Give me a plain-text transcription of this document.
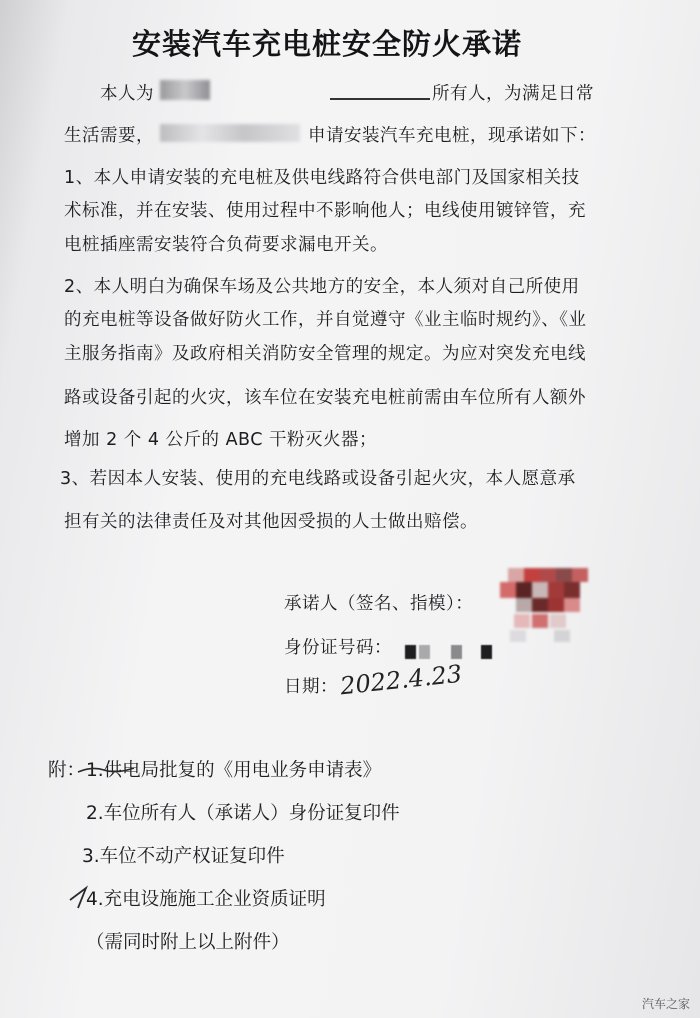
安装汽车充电桩安全防火承诺
本人为	所有人，为满足日常
生活需要，	申请安装汽车充电桩，现承诺如下：
1、本人申请安装的充电桩及供电线路符合供电部门及国家相关技
术标准，并在安装、使用过程中不影响他人；电线使用镀锌管，充
电桩插座需安装符合负荷要求漏电开关。
2、本人明白为确保车场及公共地方的安全，本人须对自己所使用
的充电桩等设备做好防火工作，并自觉遵守《业主临时规约》、《业
主服务指南》及政府相关消防安全管理的规定。为应对突发充电线
路或设备引起的火灾，该车位在安装充电桩前需由车位所有人额外
增加 2 个 4 公斤的 ABC 干粉灭火器；
3、若因本人安装、使用的充电线路或设备引起火灾，本人愿意承
担有关的法律责任及对其他因受损的人士做出赔偿。
承诺人（签名、指模）：
身份证号码：
日期： 2022.4.23
附： 1.供电局批复的《用电业务申请表》
2.车位所有人（承诺人）身份证复印件
3.车位不动产权证复印件
4.充电设施施工企业资质证明
（需同时附上以上附件）
汽车之家
